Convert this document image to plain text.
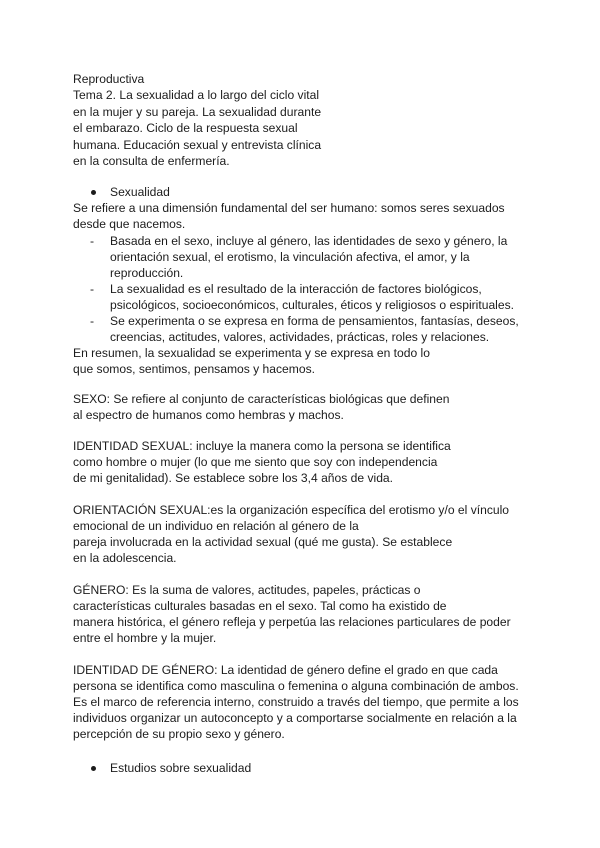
Reproductiva
Tema 2. La sexualidad a lo largo del ciclo vital
en la mujer y su pareja. La sexualidad durante
el embarazo. Ciclo de la respuesta sexual
humana. Educación sexual y entrevista clínica
en la consulta de enfermería.
Sexualidad
Se refiere a una dimensión fundamental del ser humano: somos seres sexuados
desde que nacemos.
- Basada en el sexo, incluye al género, las identidades de sexo y género, la
orientación sexual, el erotismo, la vinculación afectiva, el amor, y la
reproducción.
- La sexualidad es el resultado de la interacción de factores biológicos,
psicológicos, socioeconómicos, culturales, éticos y religiosos o espirituales.
- Se experimenta o se expresa en forma de pensamientos, fantasías, deseos,
creencias, actitudes, valores, actividades, prácticas, roles y relaciones.
En resumen, la sexualidad se experimenta y se expresa en todo lo
que somos, sentimos, pensamos y hacemos.
SEXO: Se refiere al conjunto de características biológicas que definen
al espectro de humanos como hembras y machos.
IDENTIDAD SEXUAL: incluye la manera como la persona se identifica
como hombre o mujer (lo que me siento que soy con independencia
de mi genitalidad). Se establece sobre los 3,4 años de vida.
ORIENTACIÓN SEXUAL:es la organización específica del erotismo y/o el vínculo
emocional de un individuo en relación al género de la
pareja involucrada en la actividad sexual (qué me gusta). Se establece
en la adolescencia.
GÉNERO: Es la suma de valores, actitudes, papeles, prácticas o
características culturales basadas en el sexo. Tal como ha existido de
manera histórica, el género refleja y perpetúa las relaciones particulares de poder
entre el hombre y la mujer.
IDENTIDAD DE GÉNERO: La identidad de género define el grado en que cada
persona se identifica como masculina o femenina o alguna combinación de ambos.
Es el marco de referencia interno, construido a través del tiempo, que permite a los
individuos organizar un autoconcepto y a comportarse socialmente en relación a la
percepción de su propio sexo y género.
Estudios sobre sexualidad
